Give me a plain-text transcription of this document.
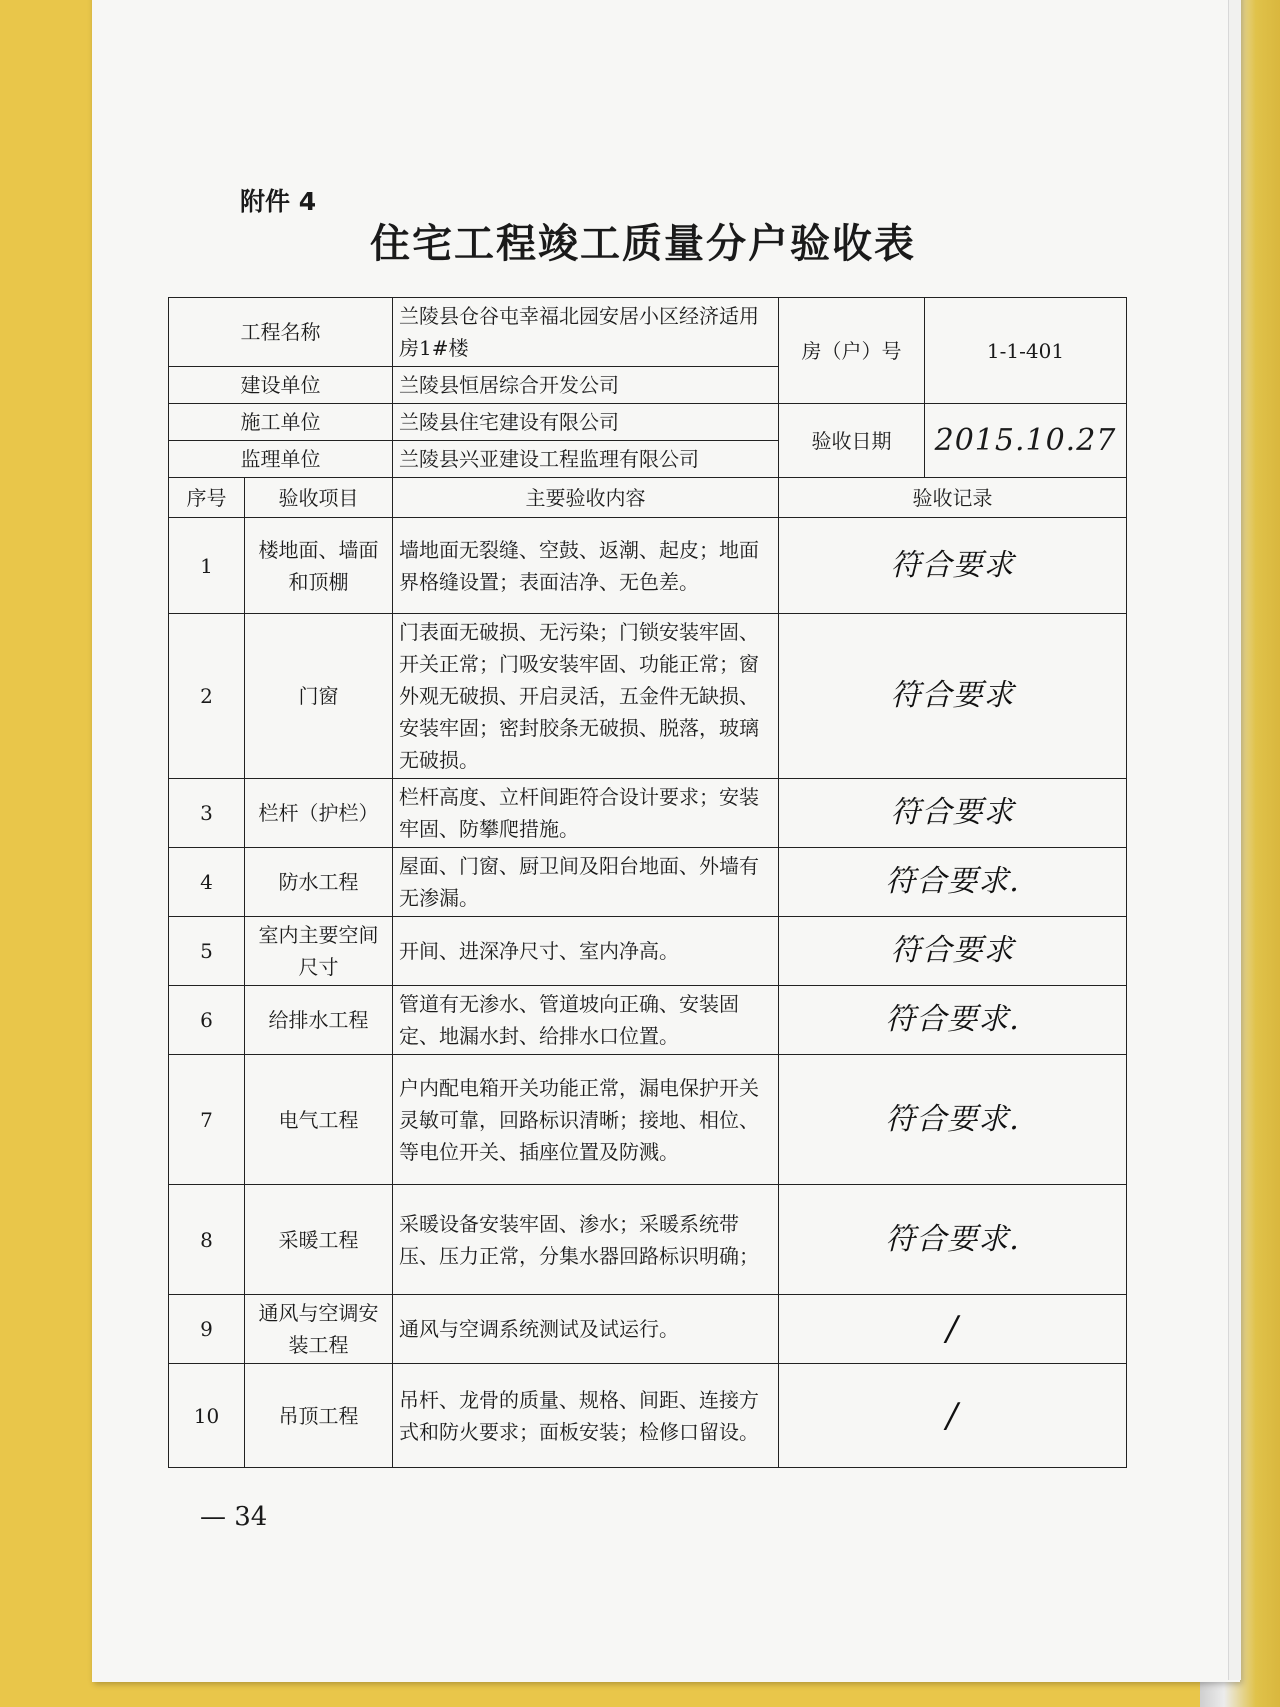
附件 4
住宅工程竣工质量分户验收表
工程名称		兰陵县仓谷屯幸福北园安居小区经济适用房1#楼	房（户）号	1-1-401
建设单位		兰陵县恒居综合开发公司		
施工单位		兰陵县住宅建设有限公司	验收日期	2015.10.27
监理单位		兰陵县兴亚建设工程监理有限公司		
序号	验收项目	主要验收内容	验收记录	
1	楼地面、墙面和顶棚	墙地面无裂缝、空鼓、返潮、起皮；地面界格缝设置；表面洁净、无色差。	符合要求	
2	门窗	门表面无破损、无污染；门锁安装牢固、开关正常；门吸安装牢固、功能正常；窗外观无破损、开启灵活，五金件无缺损、 安装牢固；密封胶条无破损、脱落，玻璃无破损。	符合要求	
3	栏杆（护栏）	栏杆高度、立杆间距符合设计要求；安装牢固、防攀爬措施。	符合要求	
4	防水工程	屋面、门窗、厨卫间及阳台地面、外墙有无渗漏。	符合要求.	
5	室内主要空间尺寸	开间、进深净尺寸、室内净高。	符合要求	
6	给排水工程	管道有无渗水、管道坡向正确、安装固定、地漏水封、给排水口位置。	符合要求.	
7	电气工程	户内配电箱开关功能正常，漏电保护开关灵敏可靠，回路标识清晰；接地、相位、等电位开关、插座位置及防溅。	符合要求.	
8	采暖工程	采暖设备安装牢固、渗水；采暖系统带压、压力正常，分集水器回路标识明确；	符合要求.	
9	通风与空调安装工程	通风与空调系统测试及试运行。	/	
10	吊顶工程	吊杆、龙骨的质量、规格、间距、连接方式和防火要求；面板安装；检修口留设。	/	
— 34
